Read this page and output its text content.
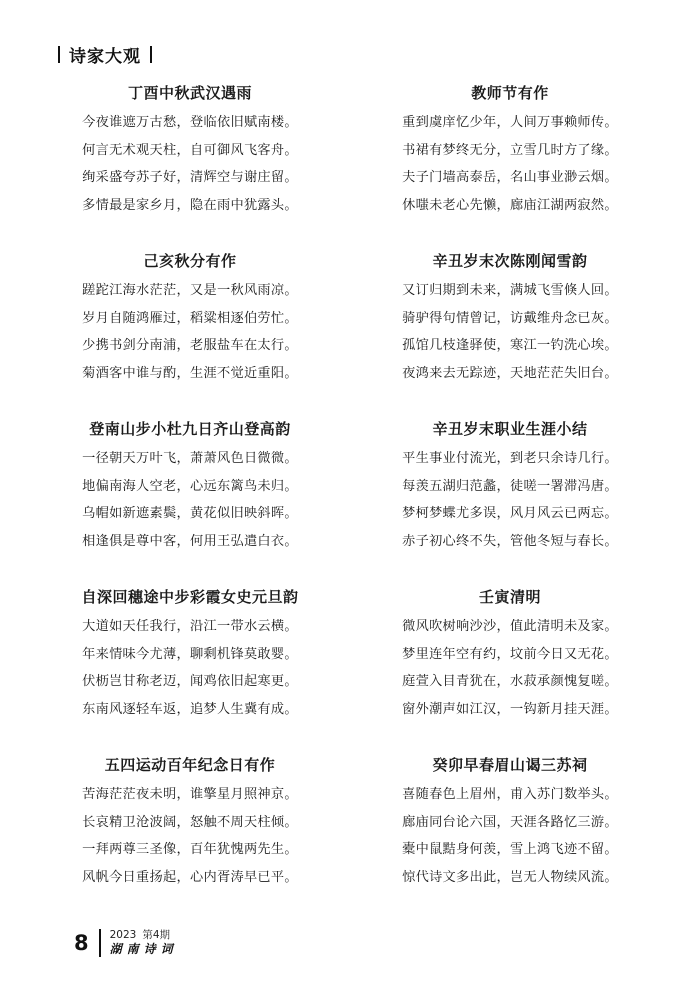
诗家大观
丁酉中秋武汉遇雨
今夜谁遮万古愁，登临依旧赋南楼。
何言无术观天柱，自可御风飞客舟。
绚采盛夸苏子好，清辉空与谢庄留。
多情最是家乡月，隐在雨中犹露头。
己亥秋分有作
蹉跎江海水茫茫，又是一秋风雨凉。
岁月自随鸿雁过，稻粱相逐伯劳忙。
少携书剑分南浦，老服盐车在太行。
菊酒客中谁与酌，生涯不觉近重阳。
登南山步小杜九日齐山登高韵
一径朝天万叶飞，萧萧风色日微微。
地偏南海人空老，心远东篱鸟未归。
乌帽如新遮素鬓，黄花似旧映斜晖。
相逢俱是尊中客，何用王弘遣白衣。
自深回穗途中步彩霞女史元旦韵
大道如天任我行，沿江一带水云横。
年来情味今尤薄，聊剩机锋莫敢婴。
伏枥岂甘称老迈，闻鸡依旧起寒更。
东南风逐轻车返，追梦人生冀有成。
五四运动百年纪念日有作
苦海茫茫夜未明，谁擎星月照神京。
长哀精卫沧波阔，怒触不周天柱倾。
一拜两尊三圣像，百年犹愧两先生。
风帆今日重扬起，心内胥涛早已平。
教师节有作
重到虞庠忆少年，人间万事赖师传。
书裙有梦终无分，立雪几时方了缘。
夫子门墙高泰岳，名山事业渺云烟。
休嗤未老心先懒，廊庙江湖两寂然。
辛丑岁末次陈刚闻雪韵
又订归期到未来，满城飞雪倏人回。
骑驴得句情曾记，访戴维舟念已灰。
孤馆几枝逢驿使，寒江一钓洗心埃。
夜鸿来去无踪迹，天地茫茫失旧台。
辛丑岁末职业生涯小结
平生事业付流光，到老只余诗几行。
每羡五湖归范蠡，徒嗟一署滞冯唐。
梦柯梦蝶尤多误，风月风云已两忘。
赤子初心终不失，管他冬短与春长。
壬寅清明
微风吹树响沙沙，值此清明未及家。
梦里连年空有约，坟前今日又无花。
庭萱入目青犹在，水菽承颜愧复嗟。
窗外潮声如江汉，一钩新月挂天涯。
癸卯早春眉山谒三苏祠
喜随春色上眉州，甫入苏门数举头。
廊庙同台论六国，天涯各路忆三游。
橐中鼠黠身何羡，雪上鸿飞迹不留。
惊代诗文多出此，岂无人物续风流。
8 2023 第4期
湖南诗词
